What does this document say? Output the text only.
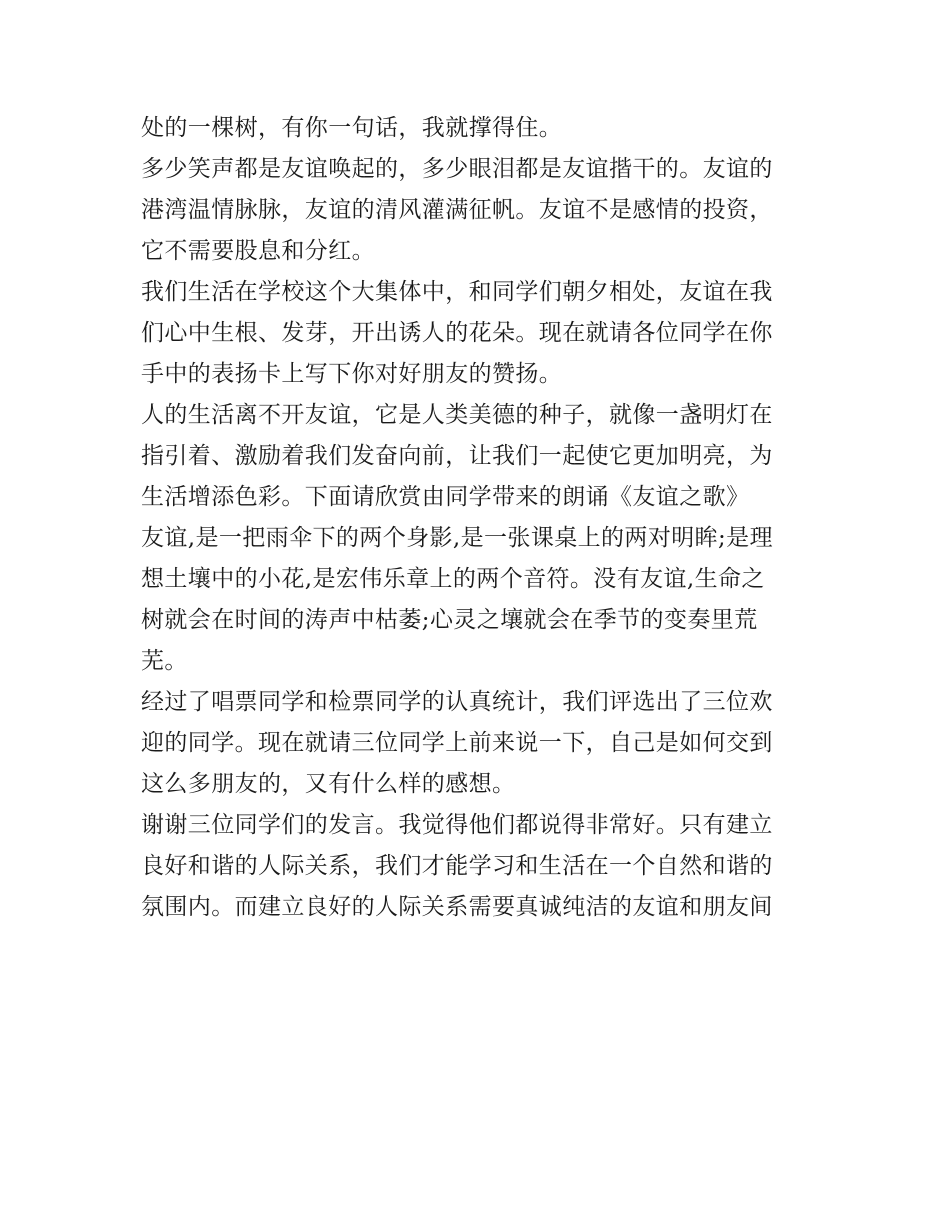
处的一棵树，有你一句话，我就撑得住。
多少笑声都是友谊唤起的，多少眼泪都是友谊揩干的。友谊的
港湾温情脉脉，友谊的清风灌满征帆。友谊不是感情的投资，
它不需要股息和分红。
我们生活在学校这个大集体中，和同学们朝夕相处，友谊在我
们心中生根、发芽，开出诱人的花朵。现在就请各位同学在你
手中的表扬卡上写下你对好朋友的赞扬。
人的生活离不开友谊，它是人类美德的种子，就像一盏明灯在
指引着、激励着我们发奋向前，让我们一起使它更加明亮，为
生活增添色彩。下面请欣赏由同学带来的朗诵《友谊之歌》
友谊,是一把雨伞下的两个身影,是一张课桌上的两对明眸;是理
想土壤中的小花,是宏伟乐章上的两个音符。没有友谊,生命之
树就会在时间的涛声中枯萎;心灵之壤就会在季节的变奏里荒
芜。
经过了唱票同学和检票同学的认真统计，我们评选出了三位欢
迎的同学。现在就请三位同学上前来说一下，自己是如何交到
这么多朋友的，又有什么样的感想。
谢谢三位同学们的发言。我觉得他们都说得非常好。只有建立
良好和谐的人际关系，我们才能学习和生活在一个自然和谐的
氛围内。而建立良好的人际关系需要真诚纯洁的友谊和朋友间
